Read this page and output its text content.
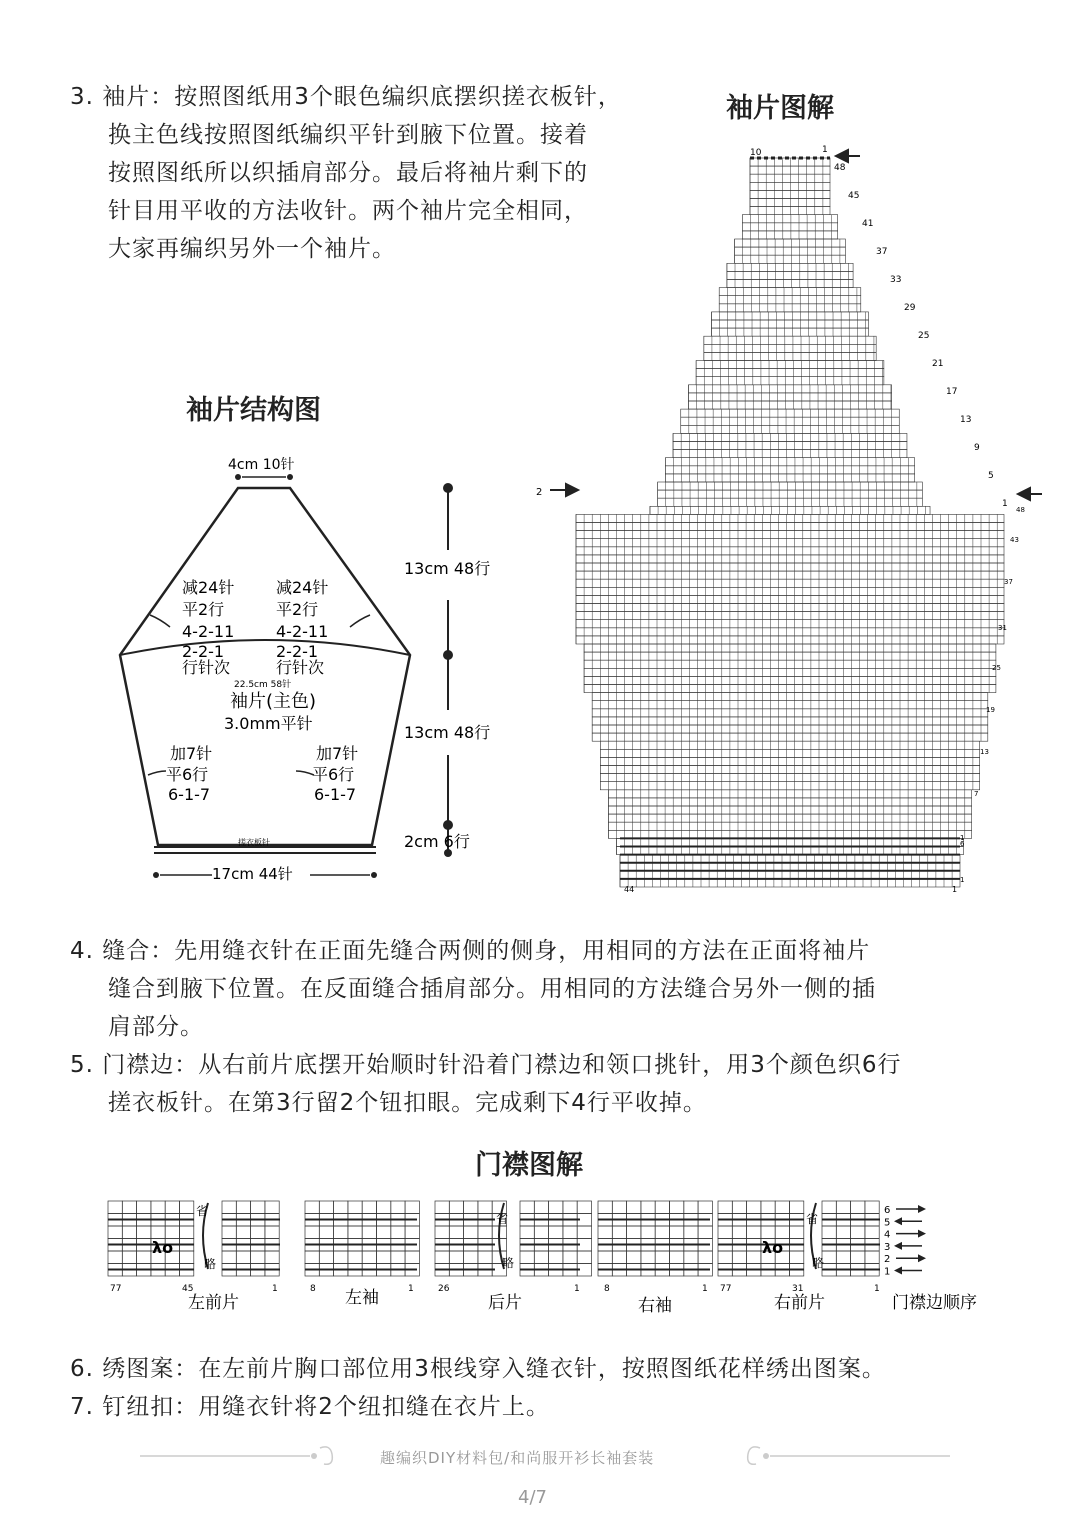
3. 袖片：按照图纸用3个眼色编织底摆织搓衣板针，
换主色线按照图纸编织平针到腋下位置。接着
按照图纸所以织插肩部分。最后将袖片剩下的
针目用平收的方法收针。两个袖片完全相同，
大家再编织另外一个袖片。
袖片图解
10	1
2
44	1
48
45
41
37
33
29
25
21
17
13
9
5
1
48
43
37
31
25
19
13
7
1
6
1
袖片结构图
4cm 10针
减24针
平2行
4-2-11
2-2-1
行针次
减24针
平2行
4-2-11
2-2-1
行针次
22.5cm 58针
袖片(主色)
3.0mm平针
加7针
平6行
6-1-7
加7针
平6行
6-1-7
搓衣板针
17cm 44针
13cm 48行
13cm 48行
2cm 6行
4. 缝合：先用缝衣针在正面先缝合两侧的侧身，用相同的方法在正面将袖片
缝合到腋下位置。在反面缝合插肩部分。用相同的方法缝合另外一侧的插
肩部分。
5. 门襟边：从右前片底摆开始顺时针沿着门襟边和领口挑针，用3个颜色织6行
搓衣板针。在第3行留2个钮扣眼。完成剩下4行平收掉。
门襟图解
省
略
省
略
省
略
λo	λo
77	45	1
左前片
8	1
左袖	26	1
后片
8	1
右袖
77	31	1
右前片
6
5
4
3
2
1
门襟边顺序
6. 绣图案：在左前片胸口部位用3根线穿入缝衣针，按照图纸花样绣出图案。
7. 钉纽扣：用缝衣针将2个纽扣缝在衣片上。
趣编织DIY材料包/和尚服开衫长袖套装
4/7
